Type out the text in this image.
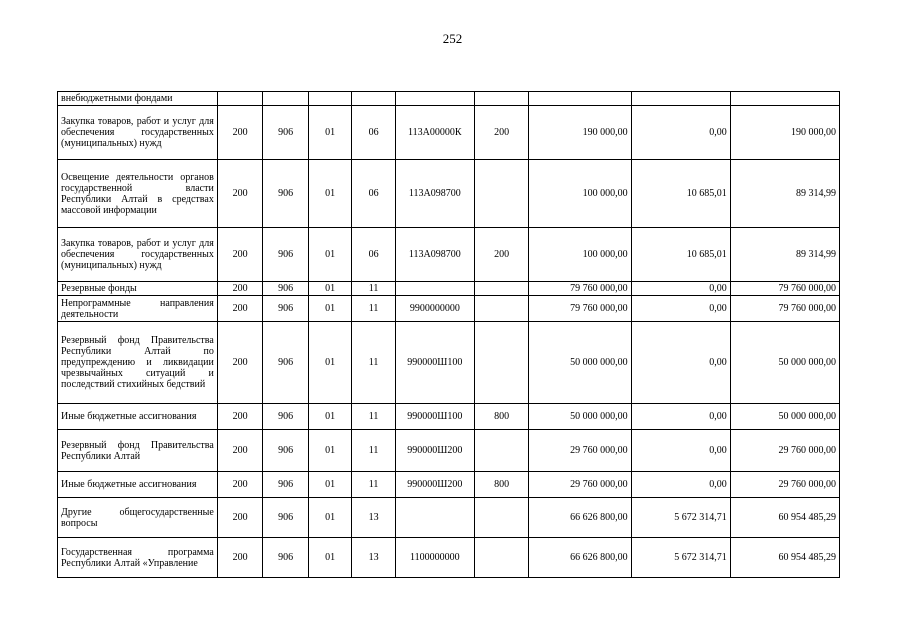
252
внебюджетными фондами									
Закупка товаров, работ и услуг для обеспечения государственных (муниципальных) нужд	200	906	01	06	113А00000К	200	190 000,00	0,00	190 000,00
Освещение деятельности органов государственной власти Республики Алтай в средствах массовой информации	200	906	01	06	113А098700		100 000,00	10 685,01	89 314,99
Закупка товаров, работ и услуг для обеспечения государственных (муниципальных) нужд	200	906	01	06	113А098700	200	100 000,00	10 685,01	89 314,99
Резервные фонды	200	906	01	11			79 760 000,00	0,00	79 760 000,00
Непрограммные направления деятельности	200	906	01	11	9900000000		79 760 000,00	0,00	79 760 000,00
Резервный фонд Правительства Республики Алтай по предупреждению и ликвидации чрезвычайных ситуаций и последствий стихийных бедствий	200	906	01	11	990000Ш100		50 000 000,00	0,00	50 000 000,00
Иные бюджетные ассигнования	200	906	01	11	990000Ш100	800	50 000 000,00	0,00	50 000 000,00
Резервный фонд Правительства Республики Алтай	200	906	01	11	990000Ш200		29 760 000,00	0,00	29 760 000,00
Иные бюджетные ассигнования	200	906	01	11	990000Ш200	800	29 760 000,00	0,00	29 760 000,00
Другие общегосударственные вопросы	200	906	01	13			66 626 800,00	5 672 314,71	60 954 485,29
Государственная программа Республики Алтай «Управление	200	906	01	13	1100000000		66 626 800,00	5 672 314,71	60 954 485,29
